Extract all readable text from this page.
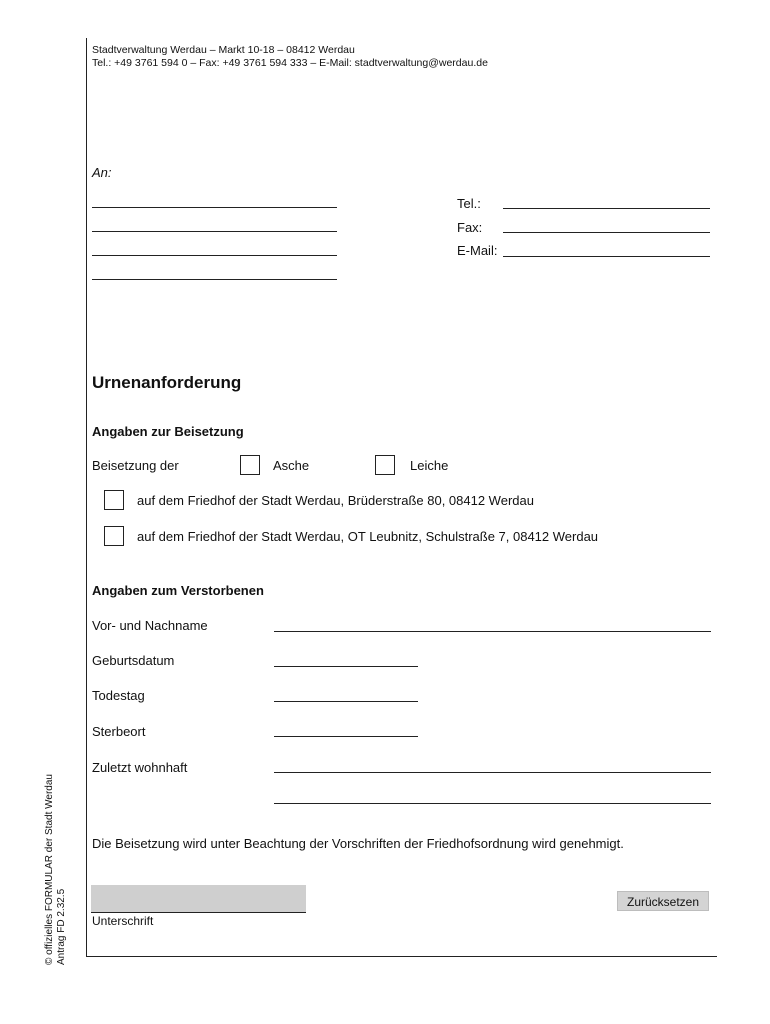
Stadtverwaltung Werdau – Markt 10-18 – 08412 Werdau
Tel.: +49 3761 594 0 – Fax: +49 3761 594 333 – E-Mail: stadtverwaltung@werdau.de
An:
Tel.:
Fax:
E-Mail:
Urnenanforderung
Angaben zur Beisetzung
Beisetzung der	Asche	Leiche
auf dem Friedhof der Stadt Werdau, Brüderstraße 80, 08412 Werdau
auf dem Friedhof der Stadt Werdau, OT Leubnitz, Schulstraße 7, 08412 Werdau
Angaben zum Verstorbenen
Vor- und Nachname
Geburtsdatum
Todestag
Sterbeort
Zuletzt wohnhaft
Die Beisetzung wird unter Beachtung der Vorschriften der Friedhofsordnung wird genehmigt.
Unterschrift
Zurücksetzen
© offizielles FORMULAR der Stadt Werdau Antrag FD 2.32.5
